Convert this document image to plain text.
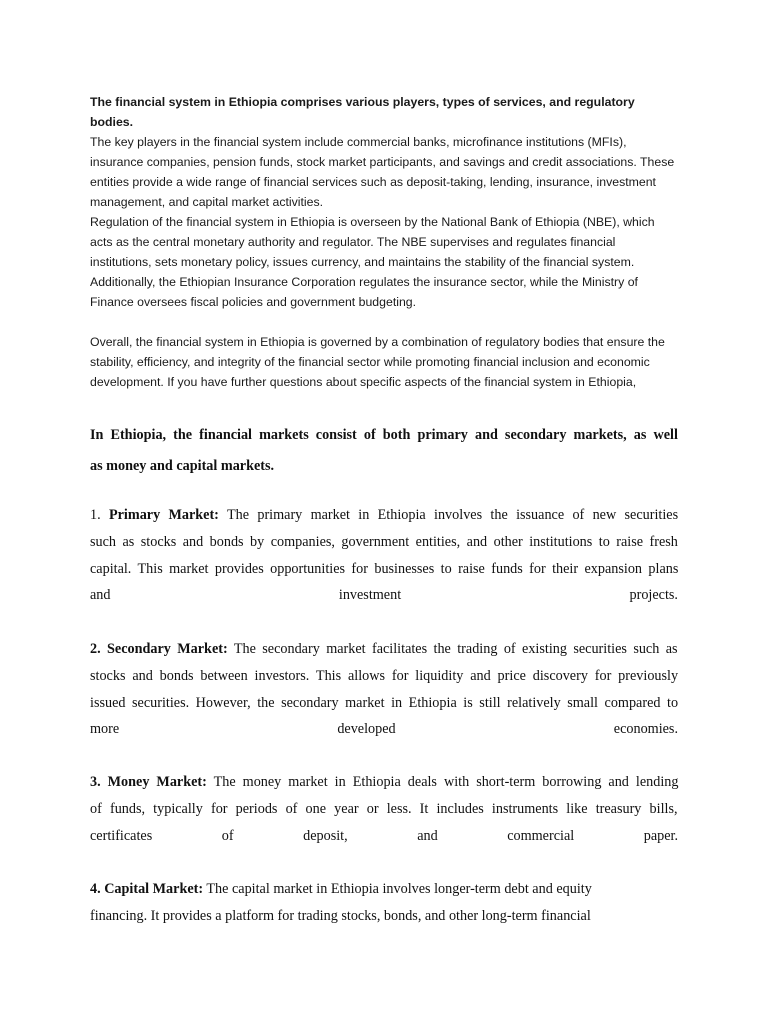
The financial system in Ethiopia comprises various players, types of services, and regulatory bodies.
The key players in the financial system include commercial banks, microfinance institutions (MFIs), insurance companies, pension funds, stock market participants, and savings and credit associations. These entities provide a wide range of financial services such as deposit-taking, lending, insurance, investment management, and capital market activities.

Regulation of the financial system in Ethiopia is overseen by the National Bank of Ethiopia (NBE), which acts as the central monetary authority and regulator. The NBE supervises and regulates financial institutions, sets monetary policy, issues currency, and maintains the stability of the financial system. Additionally, the Ethiopian Insurance Corporation regulates the insurance sector, while the Ministry of Finance oversees fiscal policies and government budgeting.

Overall, the financial system in Ethiopia is governed by a combination of regulatory bodies that ensure the stability, efficiency, and integrity of the financial sector while promoting financial inclusion and economic development. If you have further questions about specific aspects of the financial system in Ethiopia,

In Ethiopia, the financial markets consist of both primary and secondary markets, as well
as money and capital markets.
1. Primary Market: The primary market in Ethiopia involves the issuance of new securities
such as stocks and bonds by companies, government entities, and other institutions to raise fresh
capital. This market provides opportunities for businesses to raise funds for their expansion plans
and	investment	projects.
2. Secondary Market: The secondary market facilitates the trading of existing securities such as
stocks and bonds between investors. This allows for liquidity and price discovery for previously
issued securities. However, the secondary market in Ethiopia is still relatively small compared to
more	developed	economies.
3. Money Market: The money market in Ethiopia deals with short-term borrowing and lending
of funds, typically for periods of one year or less. It includes instruments like treasury bills,
certificates	of	deposit,	and	commercial	paper.
4. Capital Market: The capital market in Ethiopia involves longer-term debt and equity
financing. It provides a platform for trading stocks, bonds, and other long-term financial
